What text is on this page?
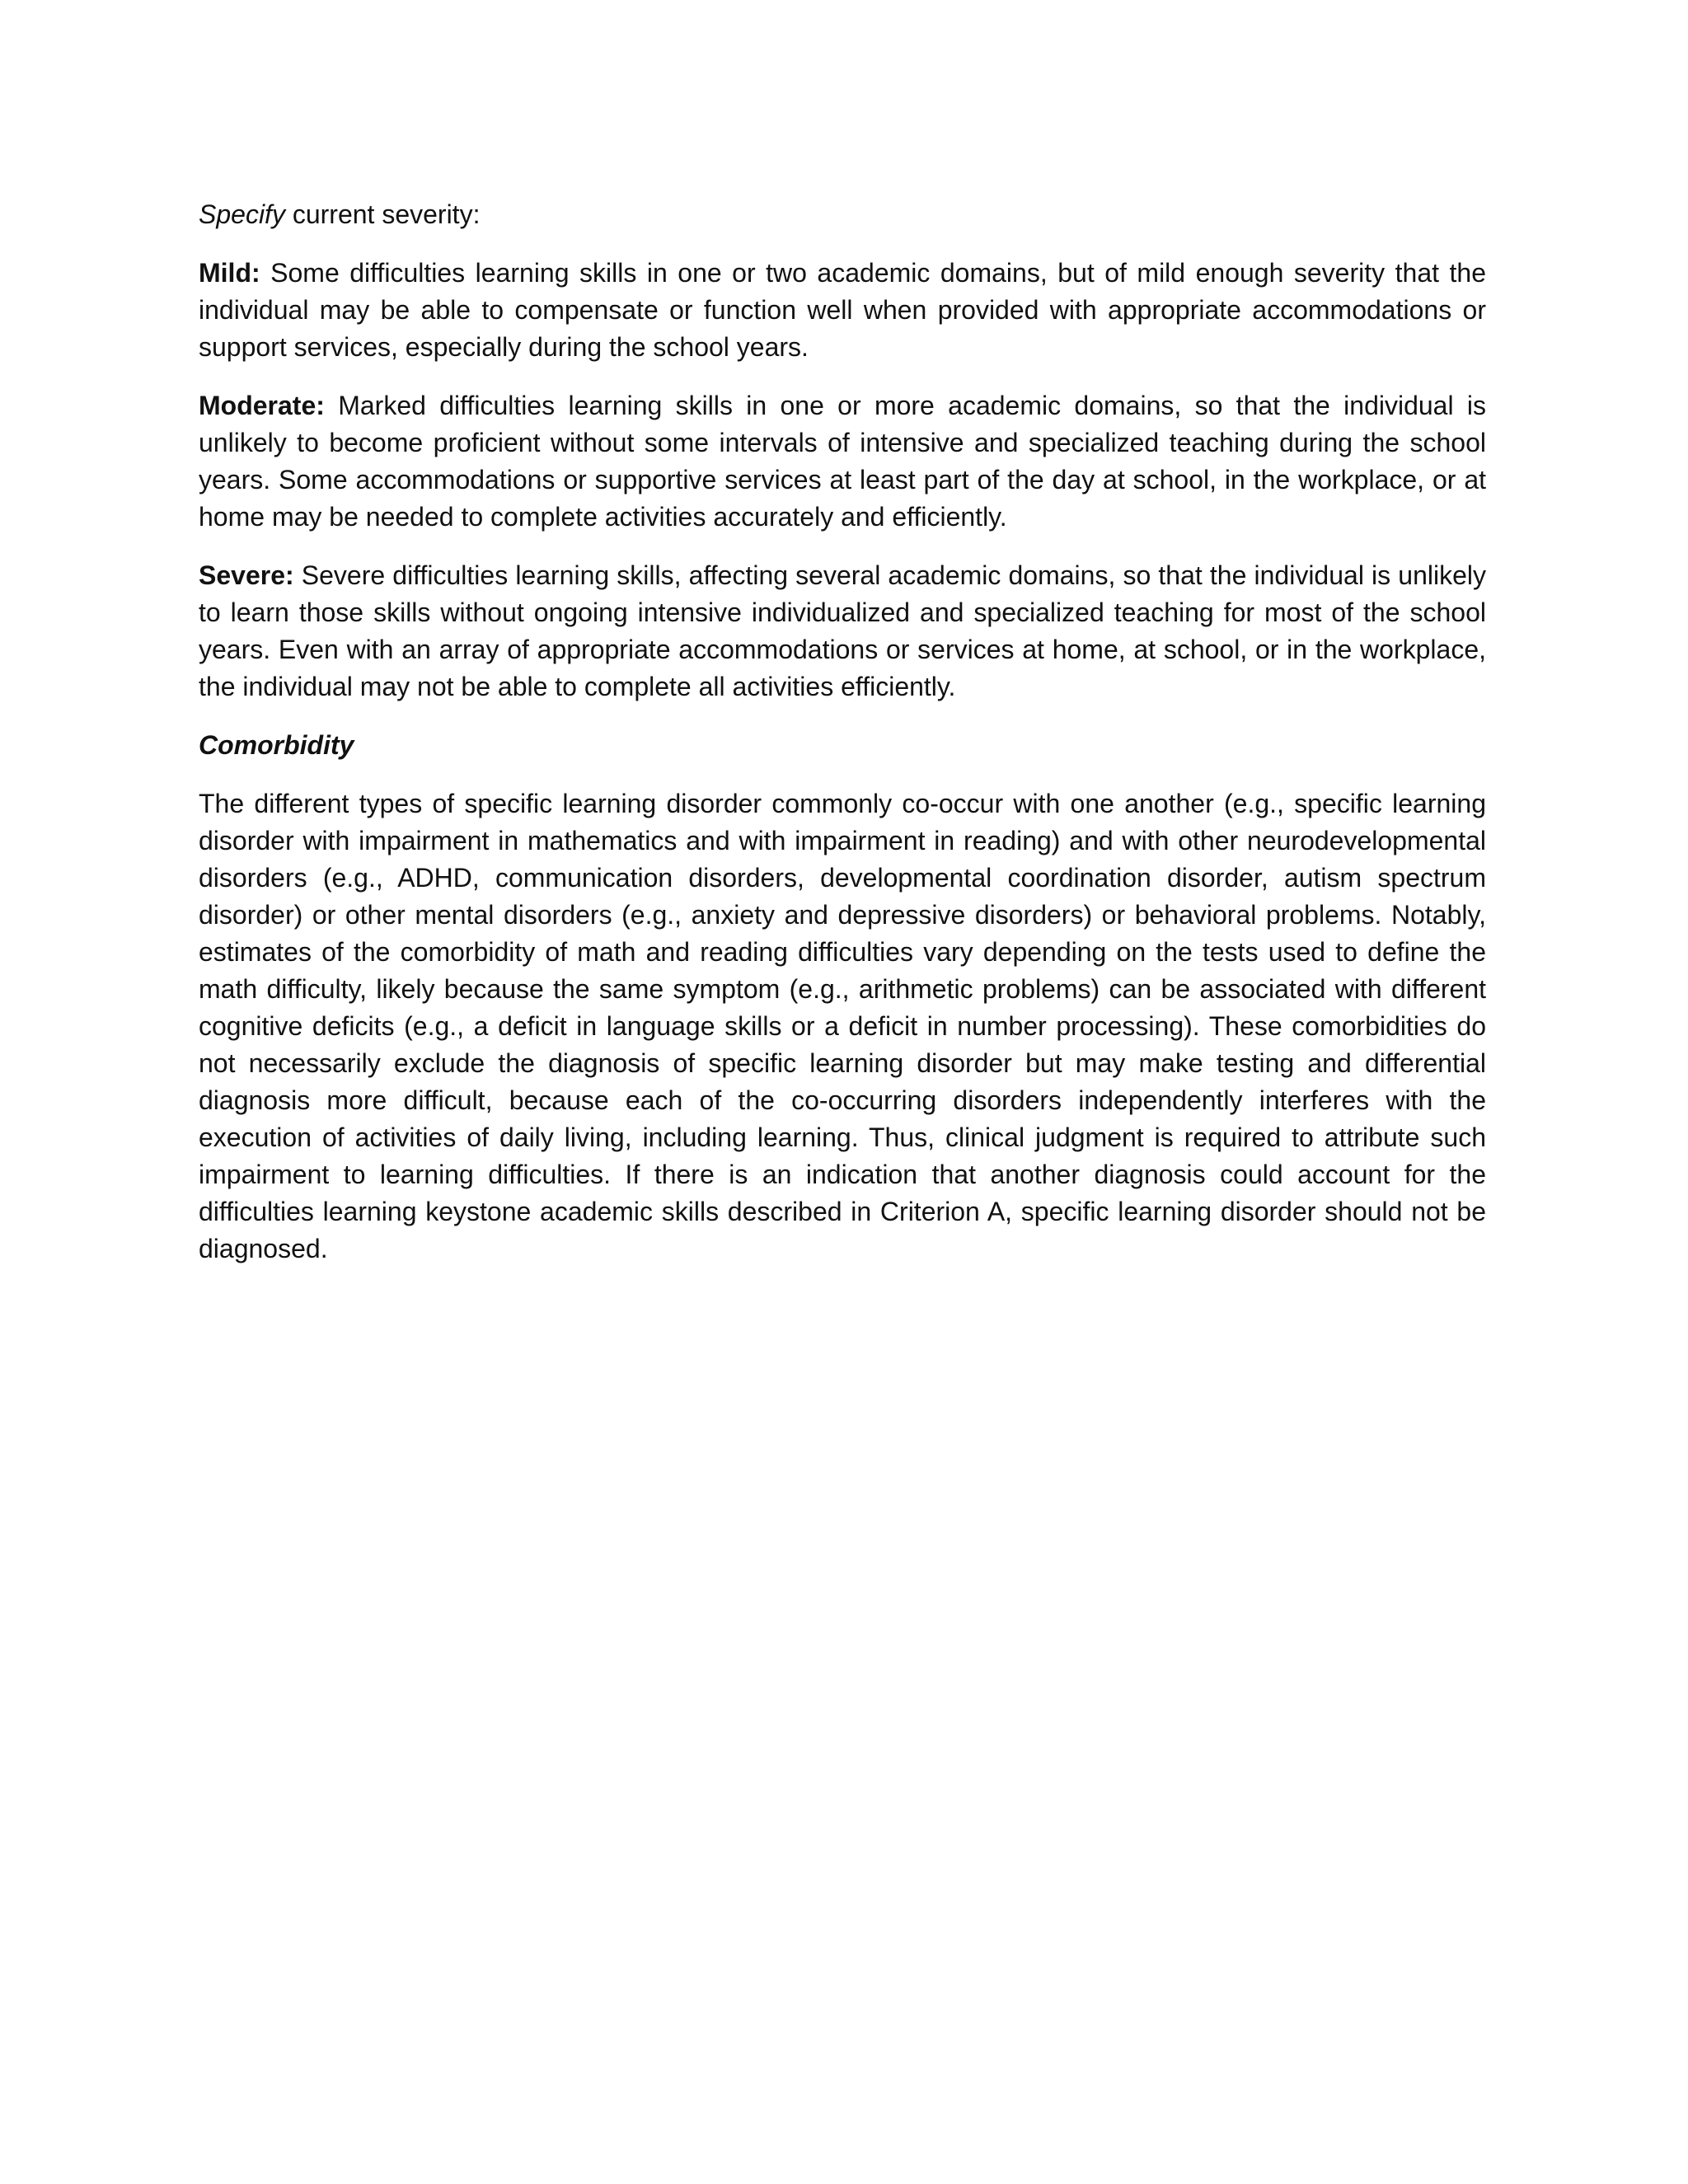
Specify current severity:

Mild: Some difficulties learning skills in one or two academic domains, but of mild enough severity that the individual may be able to compensate or function well when provided with appropriate accommodations or support services, especially during the school years.

Moderate: Marked difficulties learning skills in one or more academic domains, so that the individual is unlikely to become proficient without some intervals of intensive and specialized teaching during the school years. Some accommodations or supportive services at least part of the day at school, in the workplace, or at home may be needed to complete activities accurately and efficiently.

Severe: Severe difficulties learning skills, affecting several academic domains, so that the individual is unlikely to learn those skills without ongoing intensive individualized and specialized teaching for most of the school years. Even with an array of appropriate accommodations or services at home, at school, or in the workplace, the individual may not be able to complete all activities efficiently.

Comorbidity

The different types of specific learning disorder commonly co-occur with one another (e.g., specific learning disorder with impairment in mathematics and with impairment in reading) and with other neurodevelopmental disorders (e.g., ADHD, communication disorders, developmental coordination disorder, autism spectrum disorder) or other mental disorders (e.g., anxiety and depressive disorders) or behavioral problems. Notably, estimates of the comorbidity of math and reading difficulties vary depending on the tests used to define the math difficulty, likely because the same symptom (e.g., arithmetic problems) can be associated with different cognitive deficits (e.g., a deficit in language skills or a deficit in number processing). These comorbidities do not necessarily exclude the diagnosis of specific learning disorder but may make testing and differential diagnosis more difficult, because each of the co-occurring disorders independently interferes with the execution of activities of daily living, including learning. Thus, clinical judgment is required to attribute such impairment to learning difficulties. If there is an indication that another diagnosis could account for the difficulties learning keystone academic skills described in Criterion A, specific learning disorder should not be diagnosed.
